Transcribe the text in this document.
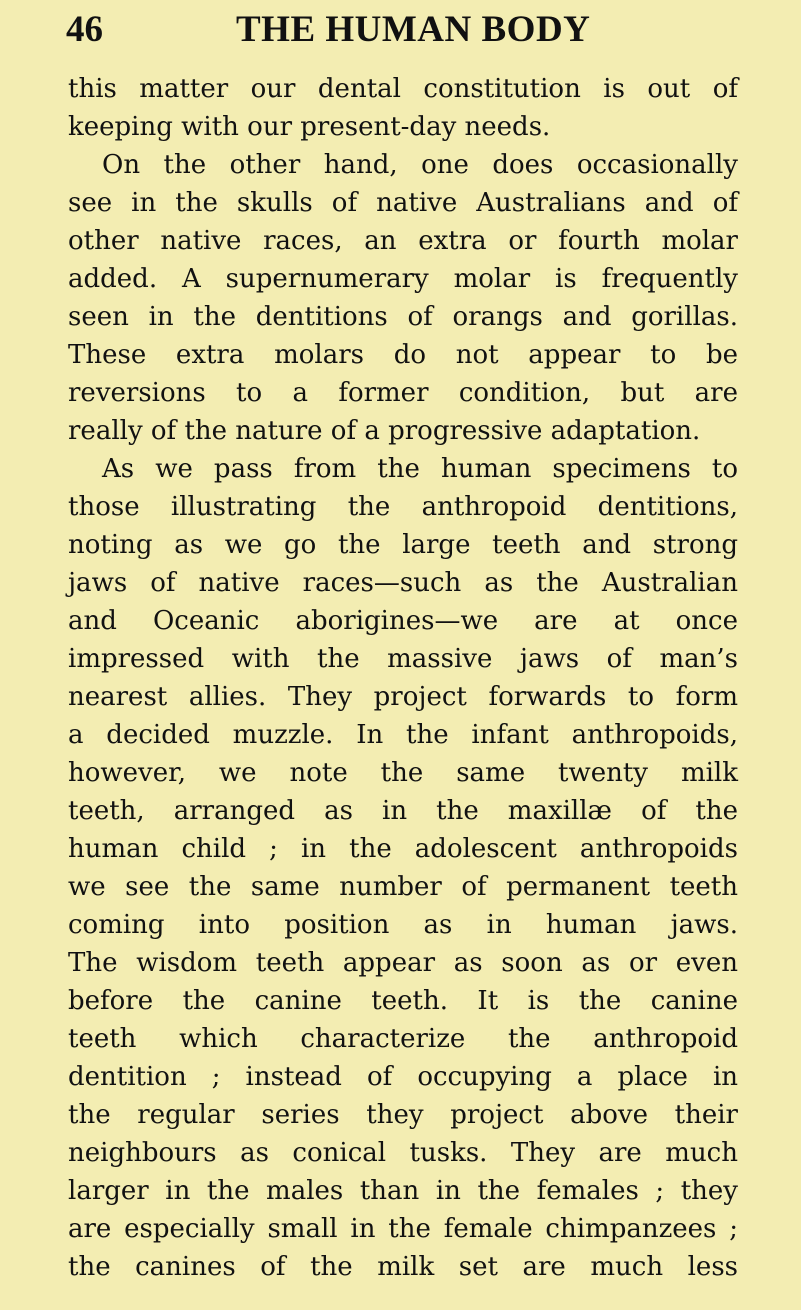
46	THE HUMAN BODY
this matter our dental constitution is out of
keeping with our present-day needs.
On the other hand, one does occasionally
see in the skulls of native Australians and of
other native races, an extra or fourth molar
added. A supernumerary molar is frequently
seen in the dentitions of orangs and gorillas.
These extra molars do not appear to be
reversions to a former condition, but are
really of the nature of a progressive adaptation.
As we pass from the human specimens to
those illustrating the anthropoid dentitions,
noting as we go the large teeth and strong
jaws of native races—such as the Australian
and Oceanic aborigines—we are at once
impressed with the massive jaws of man’s
nearest allies. They project forwards to form
a decided muzzle. In the infant anthropoids,
however, we note the same twenty milk
teeth, arranged as in the maxillæ of the
human child ; in the adolescent anthropoids
we see the same number of permanent teeth
coming into position as in human jaws.
The wisdom teeth appear as soon as or even
before the canine teeth. It is the canine
teeth which characterize the anthropoid
dentition ; instead of occupying a place in
the regular series they project above their
neighbours as conical tusks. They are much
larger in the males than in the females ; they
are especially small in the female chimpanzees ;
the canines of the milk set are much less
